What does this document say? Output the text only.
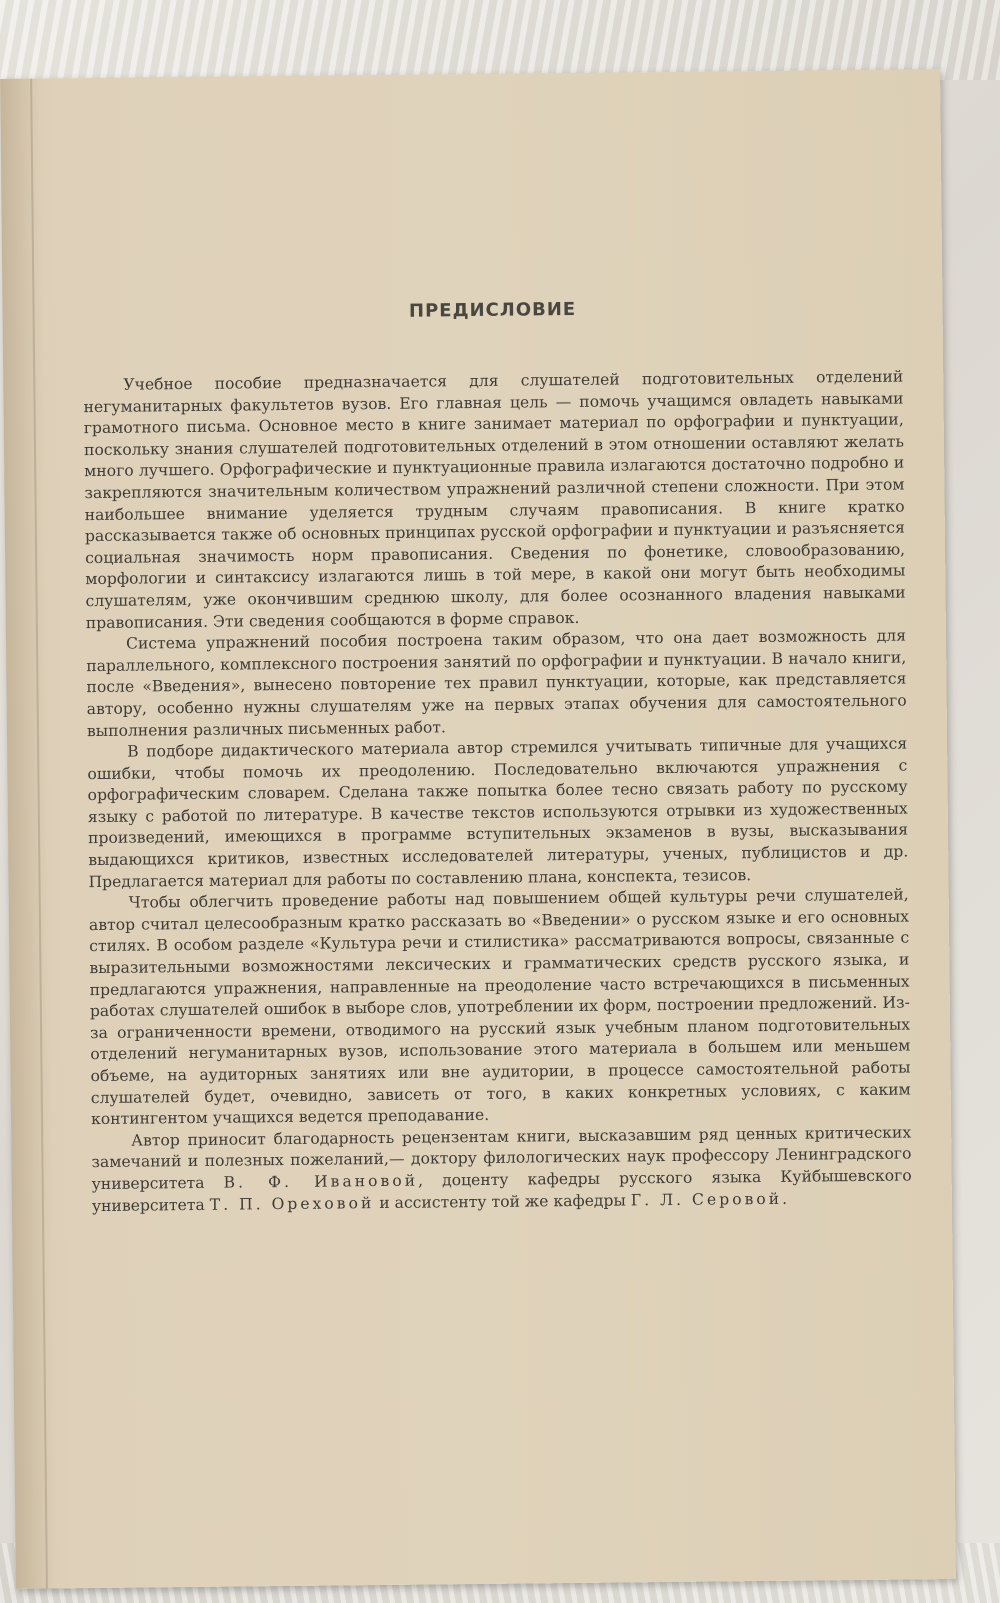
ПРЕДИСЛОВИЕ

Учебное пособие предназначается для слушателей подготовительных отделений негуманитарных факультетов вузов. Его главная цель — помочь учащимся овладеть навыками грамотного письма. Основное место в книге занимает материал по орфографии и пунктуации, поскольку знания слушателей подготовительных отделений в этом отношении оставляют желать много лучшего. Орфографические и пунктуационные правила излагаются достаточно подробно и закрепляются значительным количеством упражнений различной степени сложности. При этом наибольшее внимание уделяется трудным случаям правописания. В книге кратко рассказывается также об основных принципах русской орфографии и пунктуации и разъясняется социальная значимость норм правописания. Сведения по фонетике, словообразованию, морфологии и синтаксису излагаются лишь в той мере, в какой они могут быть необходимы слушателям, уже окончившим среднюю школу, для более осознанного владения навыками правописания. Эти сведения сообщаются в форме справок.

Система упражнений пособия построена таким образом, что она дает возможность для параллельного, комплексного построения занятий по орфографии и пунктуации. В начало книги, после «Введения», вынесено повторение тех правил пунктуации, которые, как представляется автору, особенно нужны слушателям уже на первых этапах обучения для самостоятельного выполнения различных письменных работ.

В подборе дидактического материала автор стремился учитывать типичные для учащихся ошибки, чтобы помочь их преодолению. Последовательно включаются упражнения с орфографическим словарем. Сделана также попытка более тесно связать работу по русскому языку с работой по литературе. В качестве текстов используются отрывки из художественных произведений, имеющихся в программе вступительных экзаменов в вузы, высказывания выдающихся критиков, известных исследователей литературы, ученых, публицистов и др. Предлагается материал для работы по составлению плана, конспекта, тезисов.

Чтобы облегчить проведение работы над повышением общей культуры речи слушателей, автор считал целесообразным кратко рассказать во «Введении» о русском языке и его основных стилях. В особом разделе «Культура речи и стилистика» рассматриваются вопросы, связанные с выразительными возможностями лексических и грамматических средств русского языка, и предлагаются упражнения, направленные на преодоление часто встречающихся в письменных работах слушателей ошибок в выборе слов, употреблении их форм, построении предложений. Из-за ограниченности времени, отводимого на русский язык учебным планом подготовительных отделений негуманитарных вузов, использование этого материала в большем или меньшем объеме, на аудиторных занятиях или вне аудитории, в процессе самостоятельной работы слушателей будет, очевидно, зависеть от того, в каких конкретных условиях, с каким контингентом учащихся ведется преподавание.

Автор приносит благодарность рецензентам книги, высказавшим ряд ценных критических замечаний и полезных пожеланий,— доктору филологических наук профессору Ленинградского университета В. Ф. Ивановой, доценту кафедры русского языка Куйбышевского университета Т. П. Ореховой и ассистенту той же кафедры Г. Л. Серовой.
